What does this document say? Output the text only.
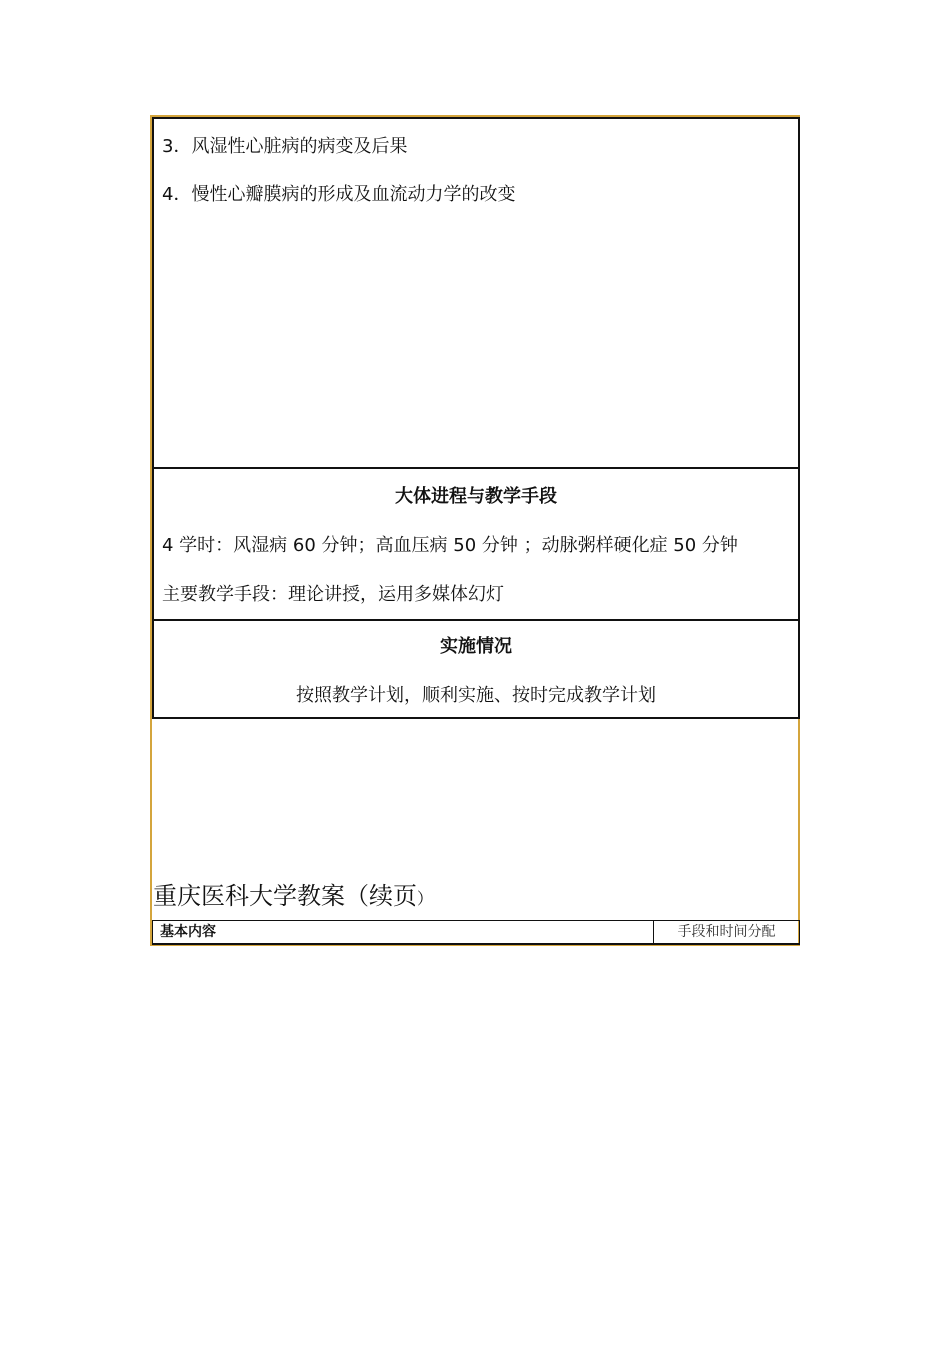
3．风湿性心脏病的病变及后果
4．慢性心瓣膜病的形成及血流动力学的改变
大体进程与教学手段
4 学时：风湿病 60 分钟；高血压病 50 分钟 ；动脉粥样硬化症 50 分钟
主要教学手段：理论讲授，运用多媒体幻灯
实施情况
按照教学计划，顺利实施、按时完成教学计划
重庆医科大学教案（续页）
基本内容	手段和时间分配
